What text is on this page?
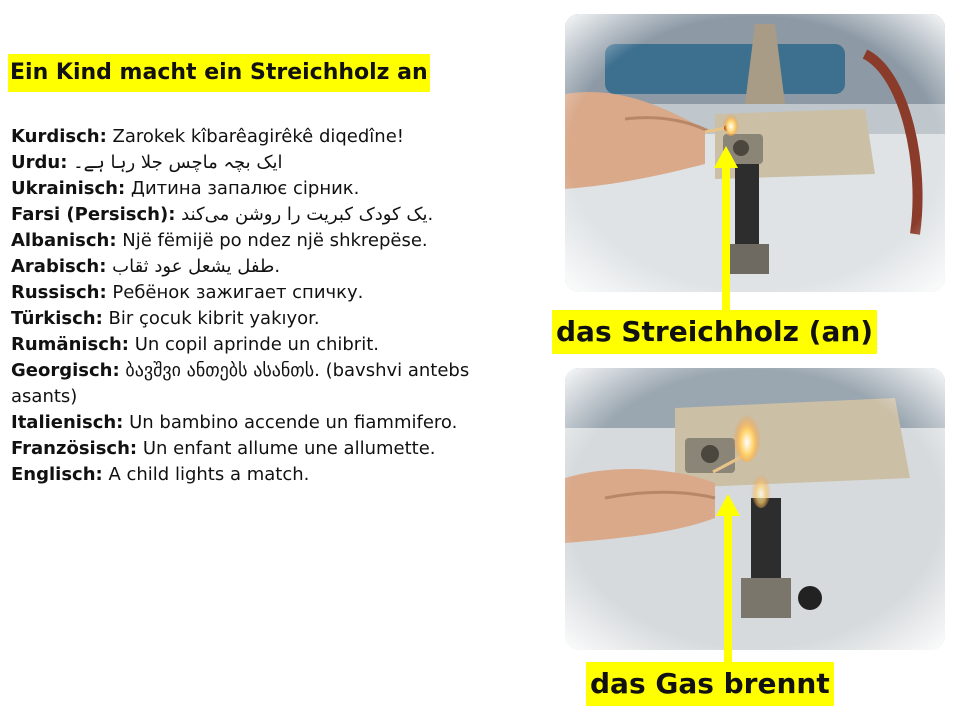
Ein Kind macht ein Streichholz an

Kurdisch: Zarokek kîbarêagirêkê diqedîne!

Urdu: ایک بچہ ماچس جلا رہا ہے۔

Ukrainisch: Дитина запалює сірник.

Farsi (Persisch): یک کودک کبریت را روشن می‌کند.

Albanisch: Një fëmijë po ndez një shkrepëse.

Arabisch: طفل يشعل عود ثقاب.

Russisch: Ребёнок зажигает спичку.

Türkisch: Bir çocuk kibrit yakıyor.

Rumänisch: Un copil aprinde un chibrit.

Georgisch: ბავშვი ანთებს ასანთს. (bavshvi antebs asants)

Italienisch: Un bambino accende un fiammifero.

Französisch: Un enfant allume une allumette.

Englisch: A child lights a match.

das Streichholz (an)
das Gas brennt
